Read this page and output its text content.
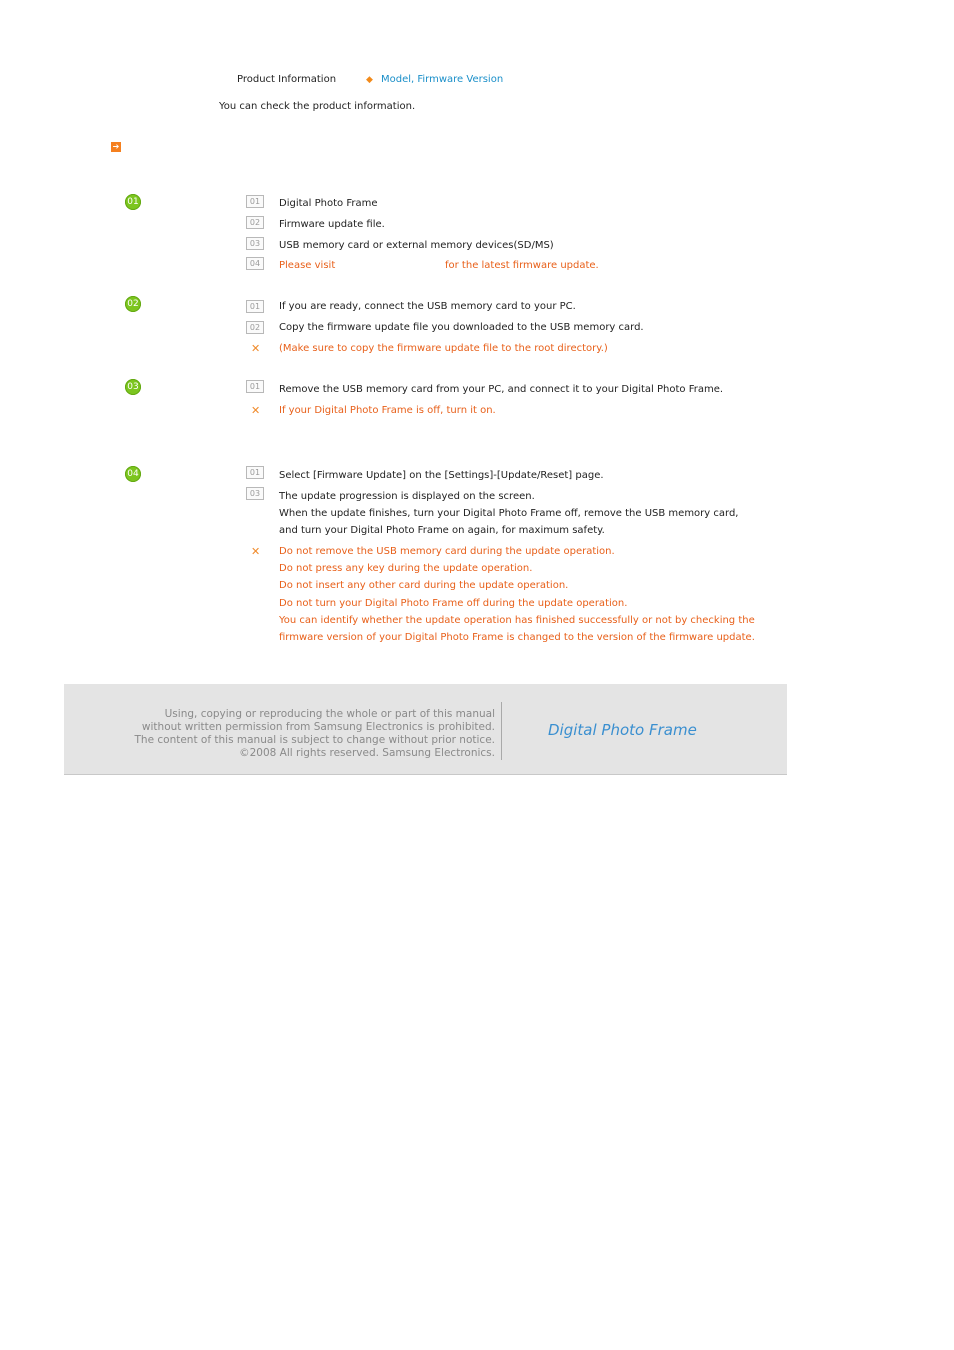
Product Information	◆ Model, Firmware Version
You can check the product information.
➔
01	01	Digital Photo Frame
02	Firmware update file.
03	USB memory card or external memory devices(SD/MS)
04	Please visit	for the latest firmware update.
02	01	If you are ready, connect the USB memory card to your PC.
02	Copy the firmware update file you downloaded to the USB memory card.
✕ (Make sure to copy the firmware update file to the root directory.)
03	01	Remove the USB memory card from your PC, and connect it to your Digital Photo Frame.
✕ If your Digital Photo Frame is off, turn it on.
04	01	Select [Firmware Update] on the [Settings]-[Update/Reset] page.
03	The update progression is displayed on the screen.
When the update finishes, turn your Digital Photo Frame off, remove the USB memory card,
and turn your Digital Photo Frame on again, for maximum safety.
✕ Do not remove the USB memory card during the update operation.
Do not press any key during the update operation.
Do not insert any other card during the update operation.
Do not turn your Digital Photo Frame off during the update operation.
You can identify whether the update operation has finished successfully or not by checking the
firmware version of your Digital Photo Frame is changed to the version of the firmware update.
Using, copying or reproducing the whole or part of this manual
without written permission from Samsung Electronics is prohibited.
The content of this manual is subject to change without prior notice.
©2008 All rights reserved. Samsung Electronics.
Digital Photo Frame
